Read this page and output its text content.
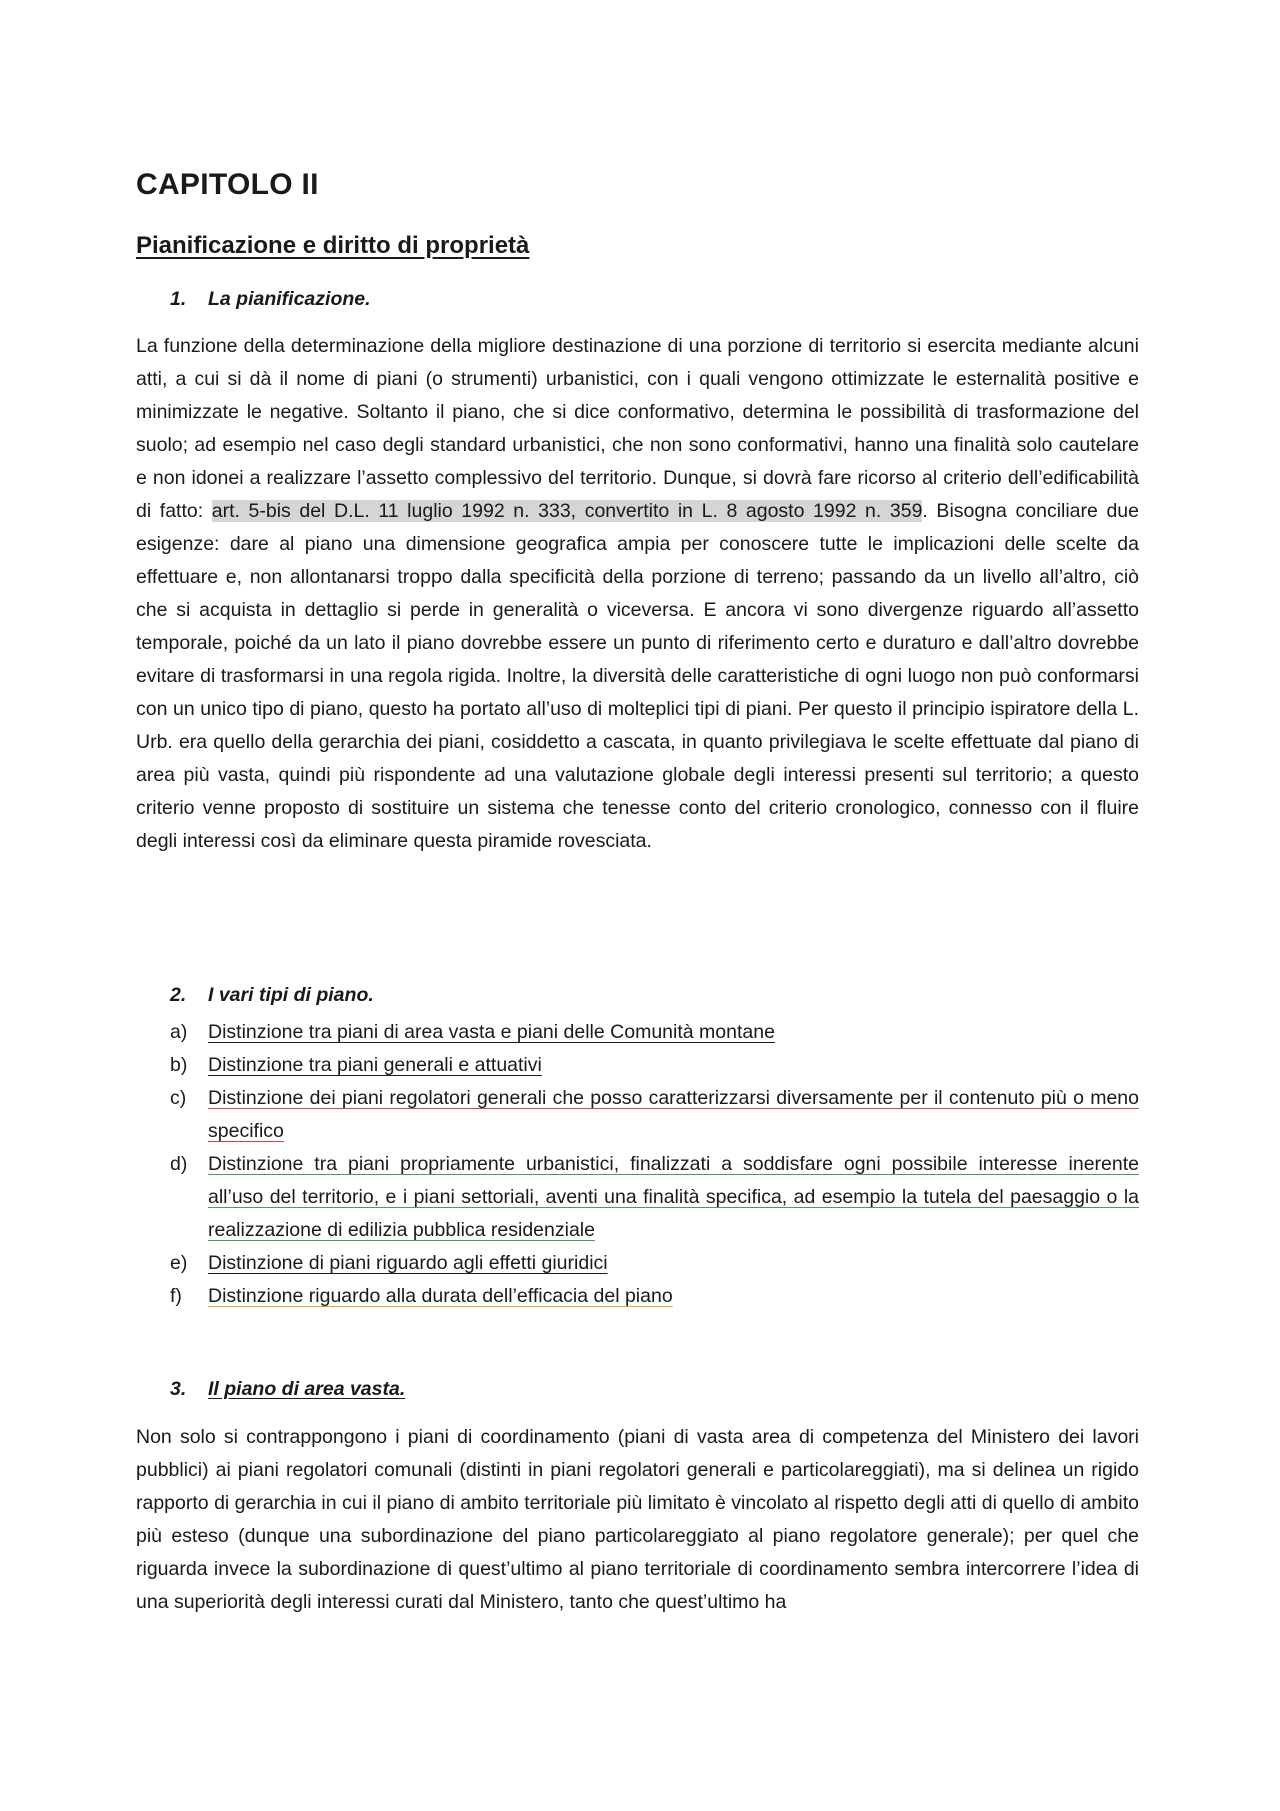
CAPITOLO II
Pianificazione e diritto di proprietà
1. La pianificazione.

La funzione della determinazione della migliore destinazione di una porzione di territorio si esercita mediante alcuni atti, a cui si dà il nome di piani (o strumenti) urbanistici, con i quali vengono ottimizzate le esternalità positive e minimizzate le negative. Soltanto il piano, che si dice conformativo, determina le possibilità di trasformazione del suolo; ad esempio nel caso degli standard urbanistici, che non sono conformativi, hanno una finalità solo cautelare e non idonei a realizzare l’assetto complessivo del territorio. Dunque, si dovrà fare ricorso al criterio dell’edificabilità di fatto: art. 5-bis del D.L. 11 luglio 1992 n. 333, convertito in L. 8 agosto 1992 n. 359. Bisogna conciliare due esigenze: dare al piano una dimensione geografica ampia per conoscere tutte le implicazioni delle scelte da effettuare e, non allontanarsi troppo dalla specificità della porzione di terreno; passando da un livello all’altro, ciò che si acquista in dettaglio si perde in generalità o viceversa. E ancora vi sono divergenze riguardo all’assetto temporale, poiché da un lato il piano dovrebbe essere un punto di riferimento certo e duraturo e dall’altro dovrebbe evitare di trasformarsi in una regola rigida. Inoltre, la diversità delle caratteristiche di ogni luogo non può conformarsi con un unico tipo di piano, questo ha portato all’uso di molteplici tipi di piani. Per questo il principio ispiratore della L. Urb. era quello della gerarchia dei piani, cosiddetto a cascata, in quanto privilegiava le scelte effettuate dal piano di area più vasta, quindi più rispondente ad una valutazione globale degli interessi presenti sul territorio; a questo criterio venne proposto di sostituire un sistema che tenesse conto del criterio cronologico, connesso con il fluire degli interessi così da eliminare questa piramide rovesciata.

2. I vari tipi di piano.
a) Distinzione tra piani di area vasta e piani delle Comunità montane
b) Distinzione tra piani generali e attuativi
c) Distinzione dei piani regolatori generali che posso caratterizzarsi diversamente per il contenuto più o meno specifico
d) Distinzione tra piani propriamente urbanistici, finalizzati a soddisfare ogni possibile interesse inerente all’uso del territorio, e i piani settoriali, aventi una finalità specifica, ad esempio la tutela del paesaggio o la realizzazione di edilizia pubblica residenziale
e) Distinzione di piani riguardo agli effetti giuridici
f) Distinzione riguardo alla durata dell’efficacia del piano
3. Il piano di area vasta.

Non solo si contrappongono i piani di coordinamento (piani di vasta area di competenza del Ministero dei lavori pubblici) ai piani regolatori comunali (distinti in piani regolatori generali e particolareggiati), ma si delinea un rigido rapporto di gerarchia in cui il piano di ambito territoriale più limitato è vincolato al rispetto degli atti di quello di ambito più esteso (dunque una subordinazione del piano particolareggiato al piano regolatore generale); per quel che riguarda invece la subordinazione di quest’ultimo al piano territoriale di coordinamento sembra intercorrere l’idea di una superiorità degli interessi curati dal Ministero, tanto che quest’ultimo ha
